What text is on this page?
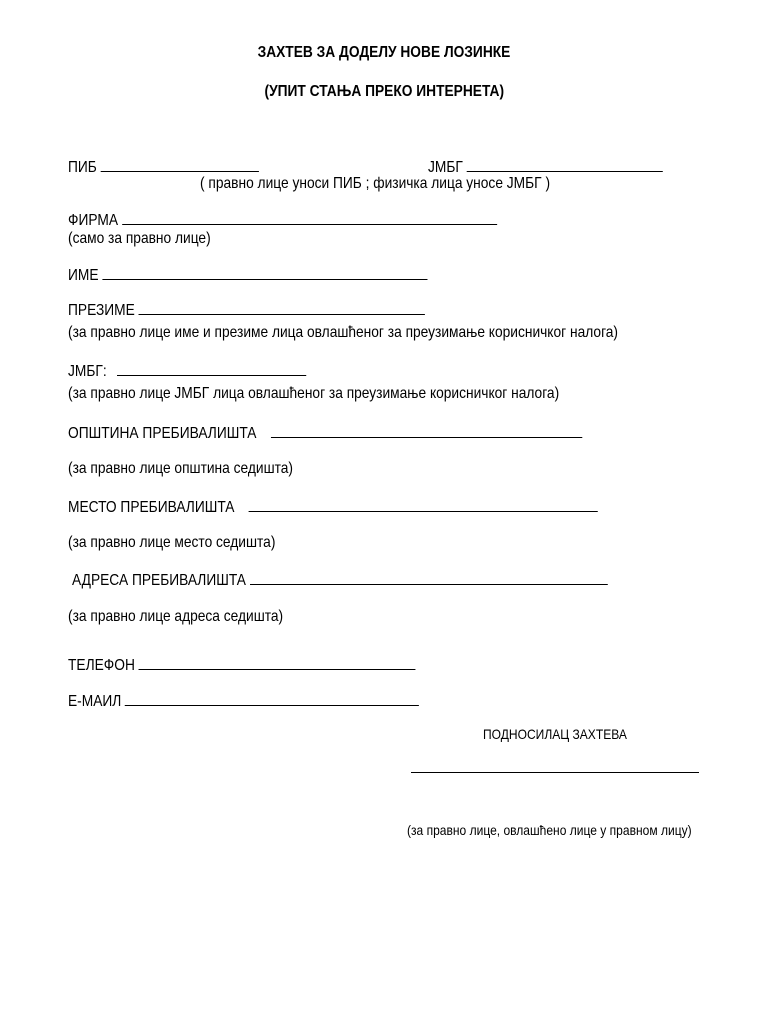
ЗАХТЕВ ЗА ДОДЕЛУ НОВЕ ЛОЗИНКЕ
(УПИТ СТАЊА ПРЕКО ИНТЕРНЕТА)
ПИБ	ЈМБГ
( правно лице уноси ПИБ ; физичка лица уносе ЈМБГ )
ФИРМА
(само за правно лице)
ИМЕ
ПРЕЗИМЕ
(за правно лице име и презиме лица овлашћеног за преузимање корисничког налога)
ЈМБГ:
(за правно лице ЈМБГ лица овлашћеног за преузимање корисничког налога)
ОПШТИНА ПРЕБИВАЛИШТА
(за правно лице општина седишта)
МЕСТО ПРЕБИВАЛИШТА
(за правно лице место седишта)
АДРЕСА ПРЕБИВАЛИШТА
(за правно лице адреса седишта)
ТЕЛЕФОН
Е-МАИЛ
ПОДНОСИЛАЦ ЗАХТЕВА
(за правно лице, овлашћено лице у правном лицу)
